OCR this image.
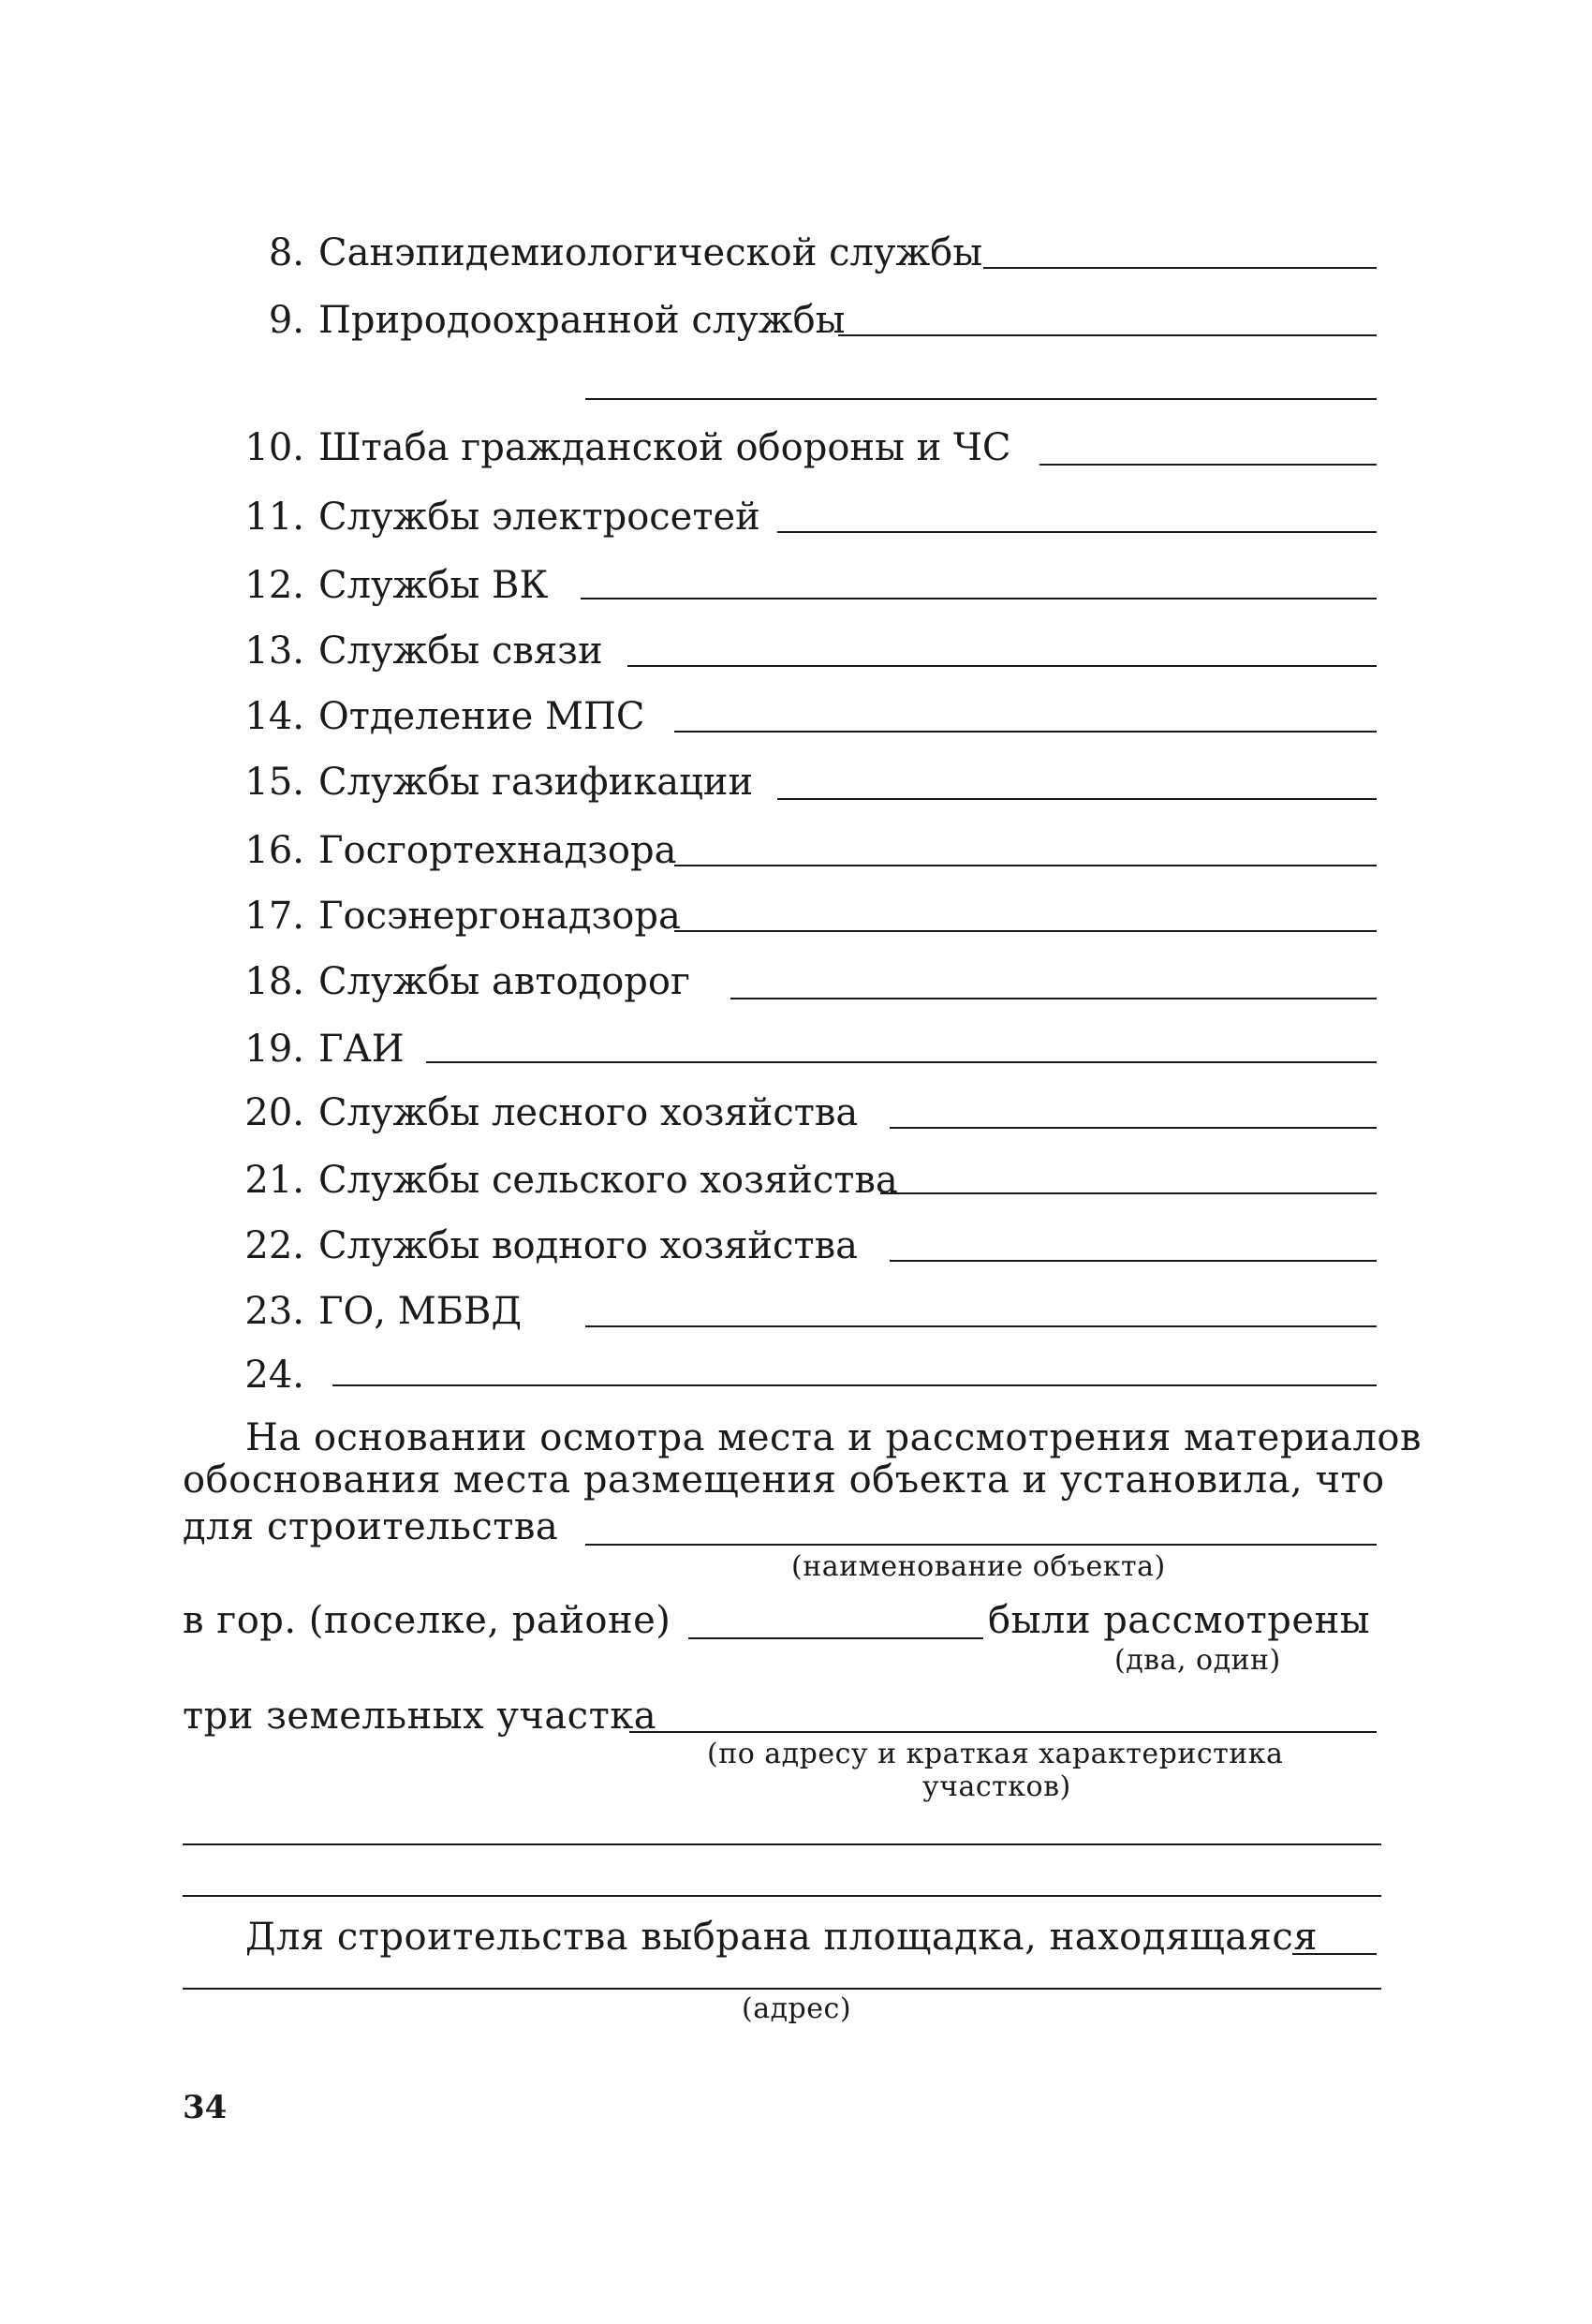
8. Санэпидемиологической службы
9. Природоохранной службы
10. Штаба гражданской обороны и ЧС
11. Службы электросетей
12. Службы ВК
13. Службы связи
14. Отделение МПС
15. Службы газификации
16. Госгортехнадзора
17. Госэнергонадзора
18. Службы автодорог
19. ГАИ
20. Службы лесного хозяйства
21. Службы сельского хозяйства
22. Службы водного хозяйства
23. ГО, МБВД
24.
На основании осмотра места и рассмотрения материалов
обоснования места размещения объекта и установила, что
для строительства
(наименование объекта)
в гор. (поселке, районе)	были рассмотрены
(два, один)
три земельных участка
(по адресу и краткая характеристика
участков)
Для строительства выбрана площадка, находящаяся
(адрес)
34
